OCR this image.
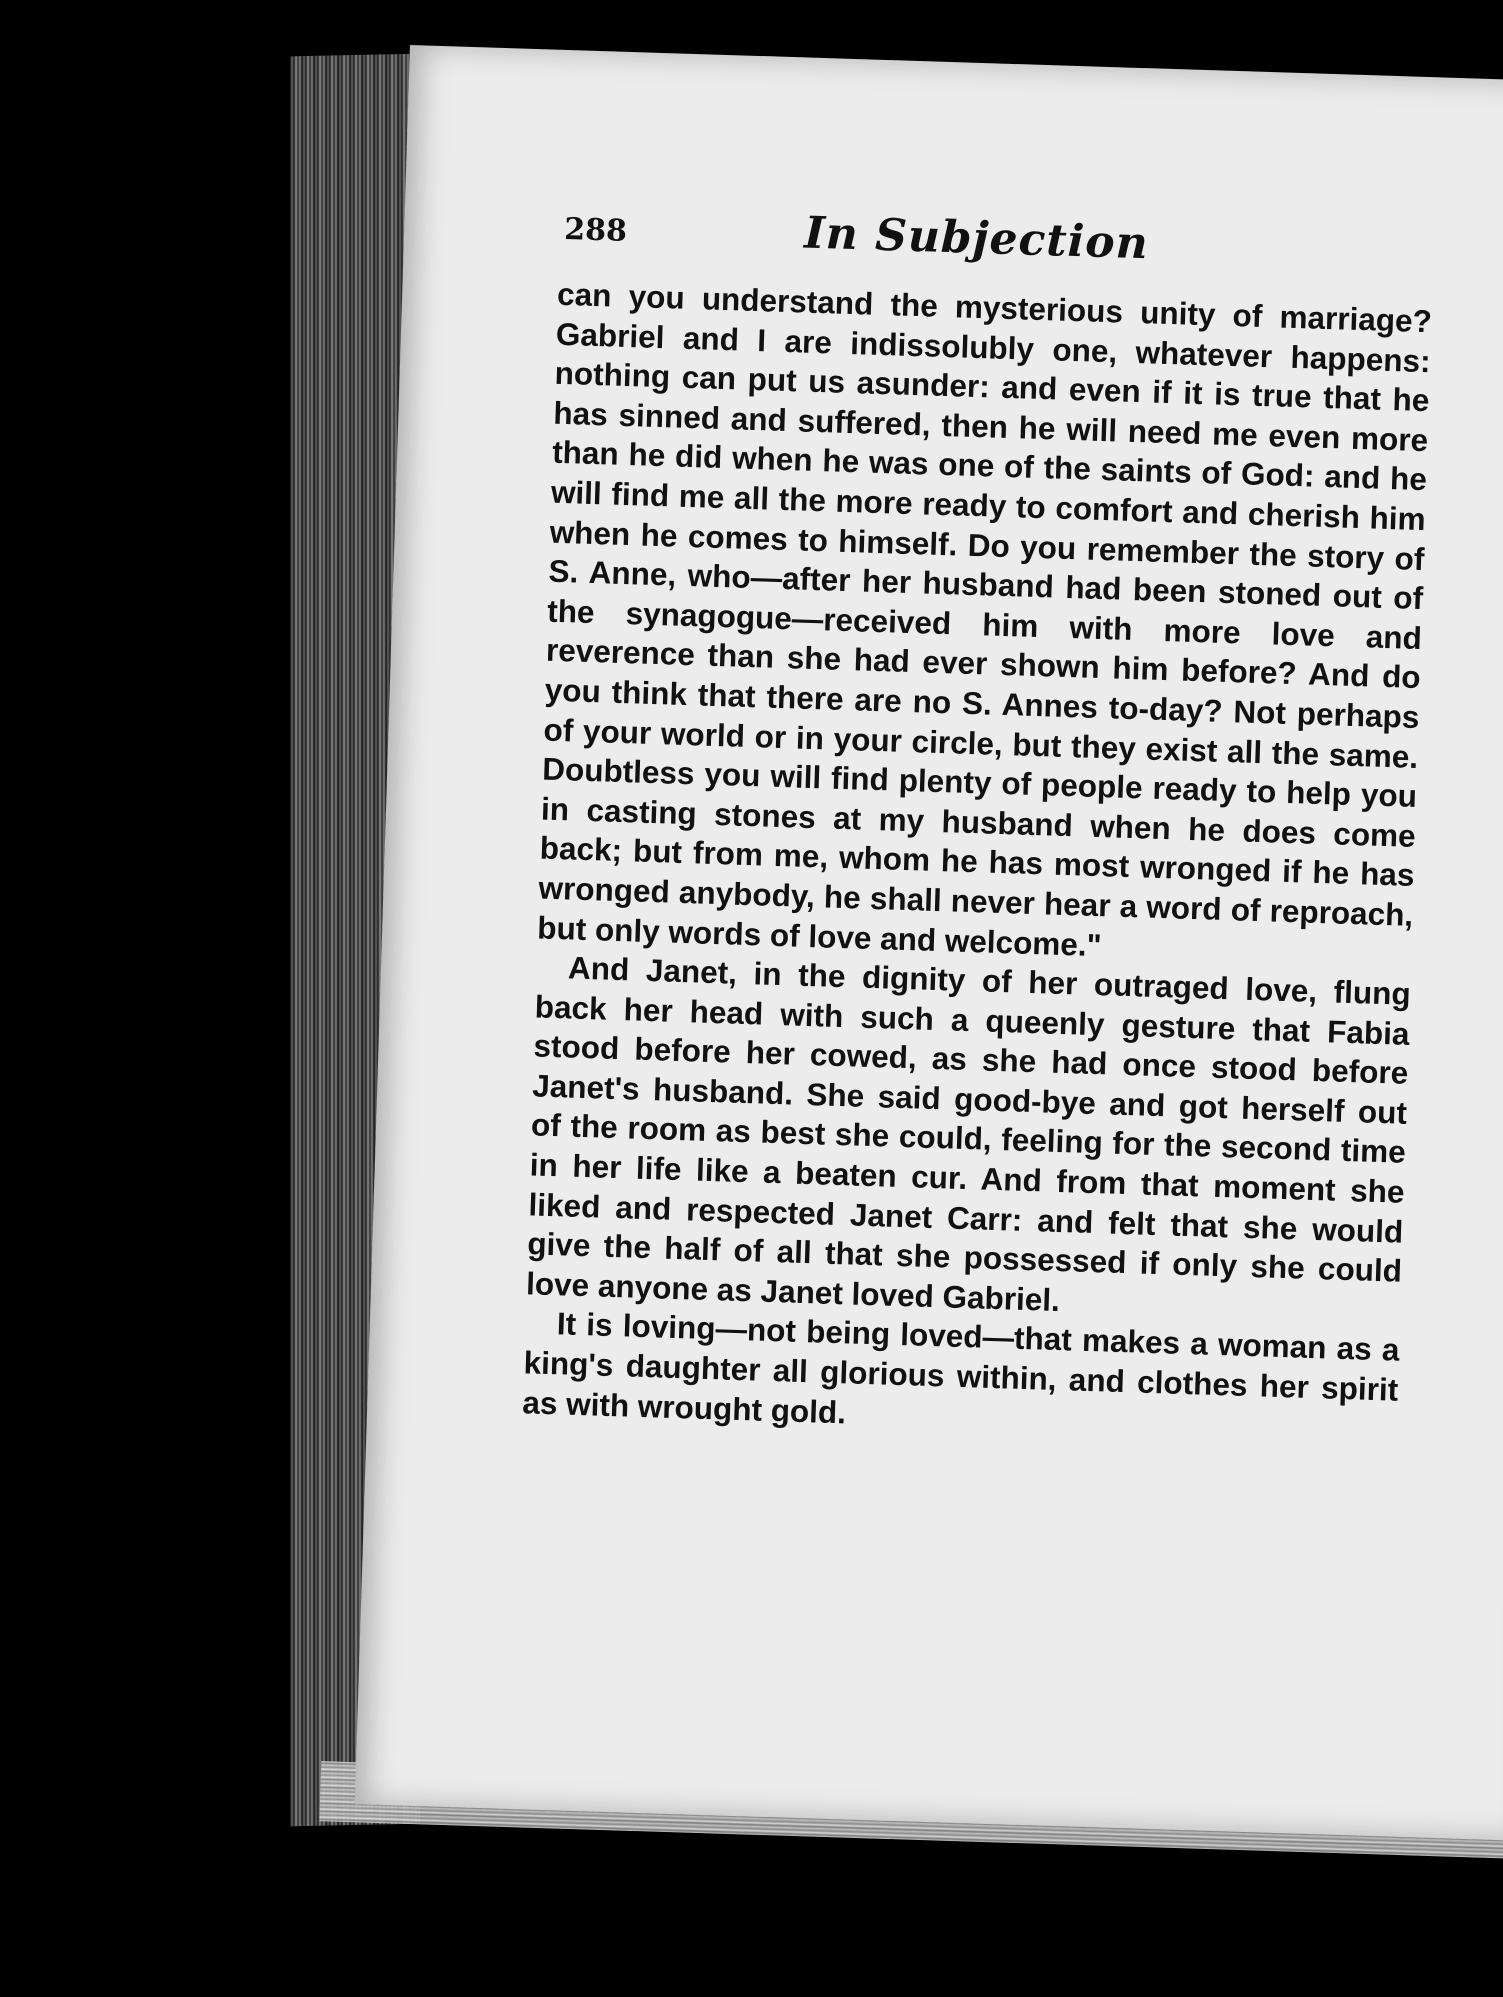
288	In Subjection

can you understand the mysterious unity of marriage? Gabriel and I are indissolubly one, whatever happens: nothing can put us asunder: and even if it is true that he has sinned and suffered, then he will need me even more than he did when he was one of the saints of God: and he will find me all the more ready to comfort and cherish him when he comes to himself. Do you remember the story of S. Anne, who—after her husband had been stoned out of the synagogue—received him with more love and reverence than she had ever shown him before? And do you think that there are no S. Annes to-day? Not perhaps of your world or in your circle, but they exist all the same. Doubtless you will find plenty of people ready to help you in casting stones at my husband when he does come back; but from me, whom he has most wronged if he has wronged anybody, he shall never hear a word of reproach, but only words of love and welcome."

And Janet, in the dignity of her outraged love, flung back her head with such a queenly gesture that Fabia stood before her cowed, as she had once stood before Janet's husband. She said good-bye and got herself out of the room as best she could, feeling for the second time in her life like a beaten cur. And from that moment she liked and respected Janet Carr: and felt that she would give the half of all that she possessed if only she could love anyone as Janet loved Gabriel.

It is loving—not being loved—that makes a woman as a king's daughter all glorious within, and clothes her spirit as with wrought gold.
